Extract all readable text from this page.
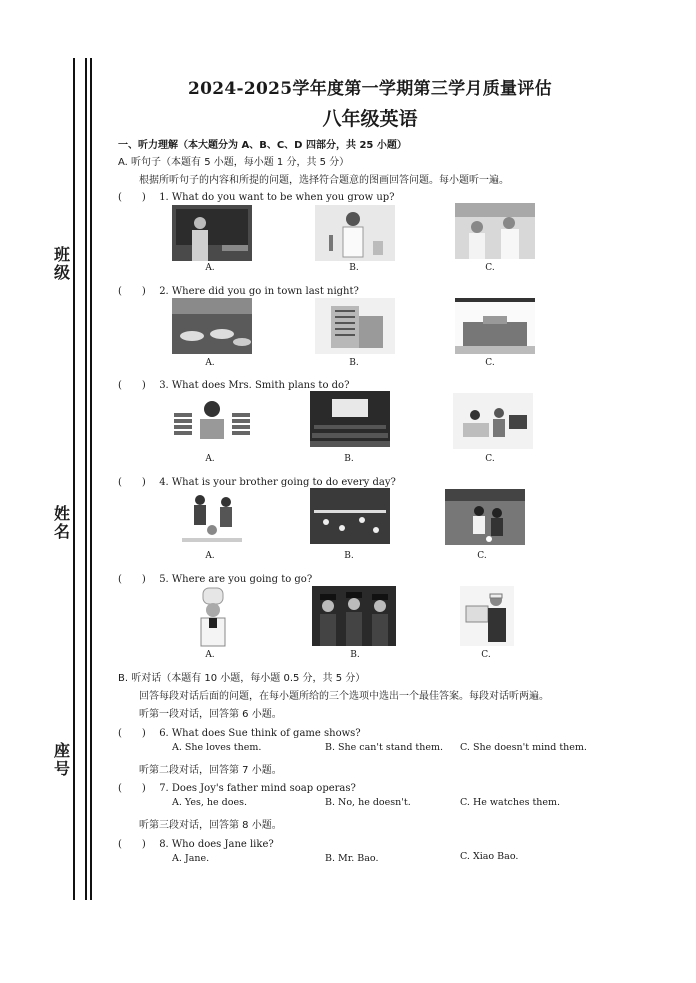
班级
姓名
座号
2024-2025学年度第一学期第三学月质量评估
八年级英语
一、听力理解（本大题分为 A、B、C、D 四部分，共 25 小题）
A. 听句子（本题有 5 小题，每小题 1 分，共 5 分）
根据所听句子的内容和所提的问题，选择符合题意的图画回答问题。每小题听一遍。
(　　) 1. What do you want to be when you grow up?
A.	B.	C.
(　　) 2. Where did you go in town last night?
A.	B.	C.
(　　) 3. What does Mrs. Smith plans to do?
A.	B.	C.
(　　) 4. What is your brother going to do every day?
A.	B.	C.
(　　) 5. Where are you going to go?
A.	B.	C.
B. 听对话（本题有 10 小题，每小题 0.5 分，共 5 分）
回答每段对话后面的问题，在每小题所给的三个选项中选出一个最佳答案。每段对话听两遍。
听第一段对话，回答第 6 小题。
(　　) 6. What does Sue think of game shows?
A. She loves them.	B. She can't stand them. C. She doesn't mind them.
听第二段对话，回答第 7 小题。
(　　) 7. Does Joy's father mind soap operas?
A. Yes, he does.	B. No, he doesn't.	C. He watches them.
听第三段对话，回答第 8 小题。
(　　) 8. Who does Jane like?
A. Jane.	B. Mr. Bao.	C. Xiao Bao.
